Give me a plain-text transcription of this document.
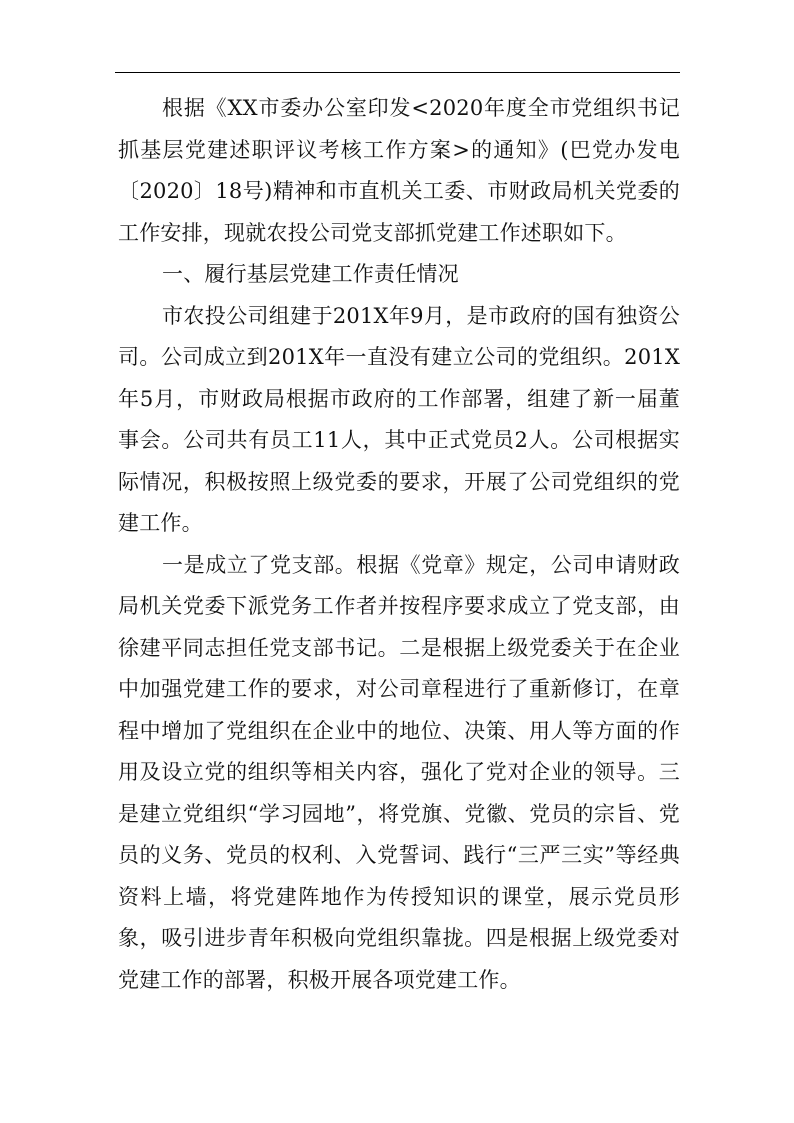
根据《XX市委办公室印发<2020年度全市党组织书记抓基层党建述职评议考核工作方案>的通知》(巴党办发电〔2020〕18号)精神和市直机关工委、市财政局机关党委的工作安排，现就农投公司党支部抓党建工作述职如下。

一、履行基层党建工作责任情况

市农投公司组建于201X年9月，是市政府的国有独资公司。公司成立到201X年一直没有建立公司的党组织。201X年5月，市财政局根据市政府的工作部署，组建了新一届董事会。公司共有员工11人，其中正式党员2人。公司根据实际情况，积极按照上级党委的要求，开展了公司党组织的党建工作。

一是成立了党支部。根据《党章》规定，公司申请财政局机关党委下派党务工作者并按程序要求成立了党支部，由徐建平同志担任党支部书记。二是根据上级党委关于在企业中加强党建工作的要求，对公司章程进行了重新修订，在章程中增加了党组织在企业中的地位、决策、用人等方面的作用及设立党的组织等相关内容，强化了党对企业的领导。三是建立党组织“学习园地”，将党旗、党徽、党员的宗旨、党员的义务、党员的权利、入党誓词、践行“三严三实”等经典资料上墙，将党建阵地作为传授知识的课堂，展示党员形象，吸引进步青年积极向党组织靠拢。四是根据上级党委对党建工作的部署，积极开展各项党建工作。
